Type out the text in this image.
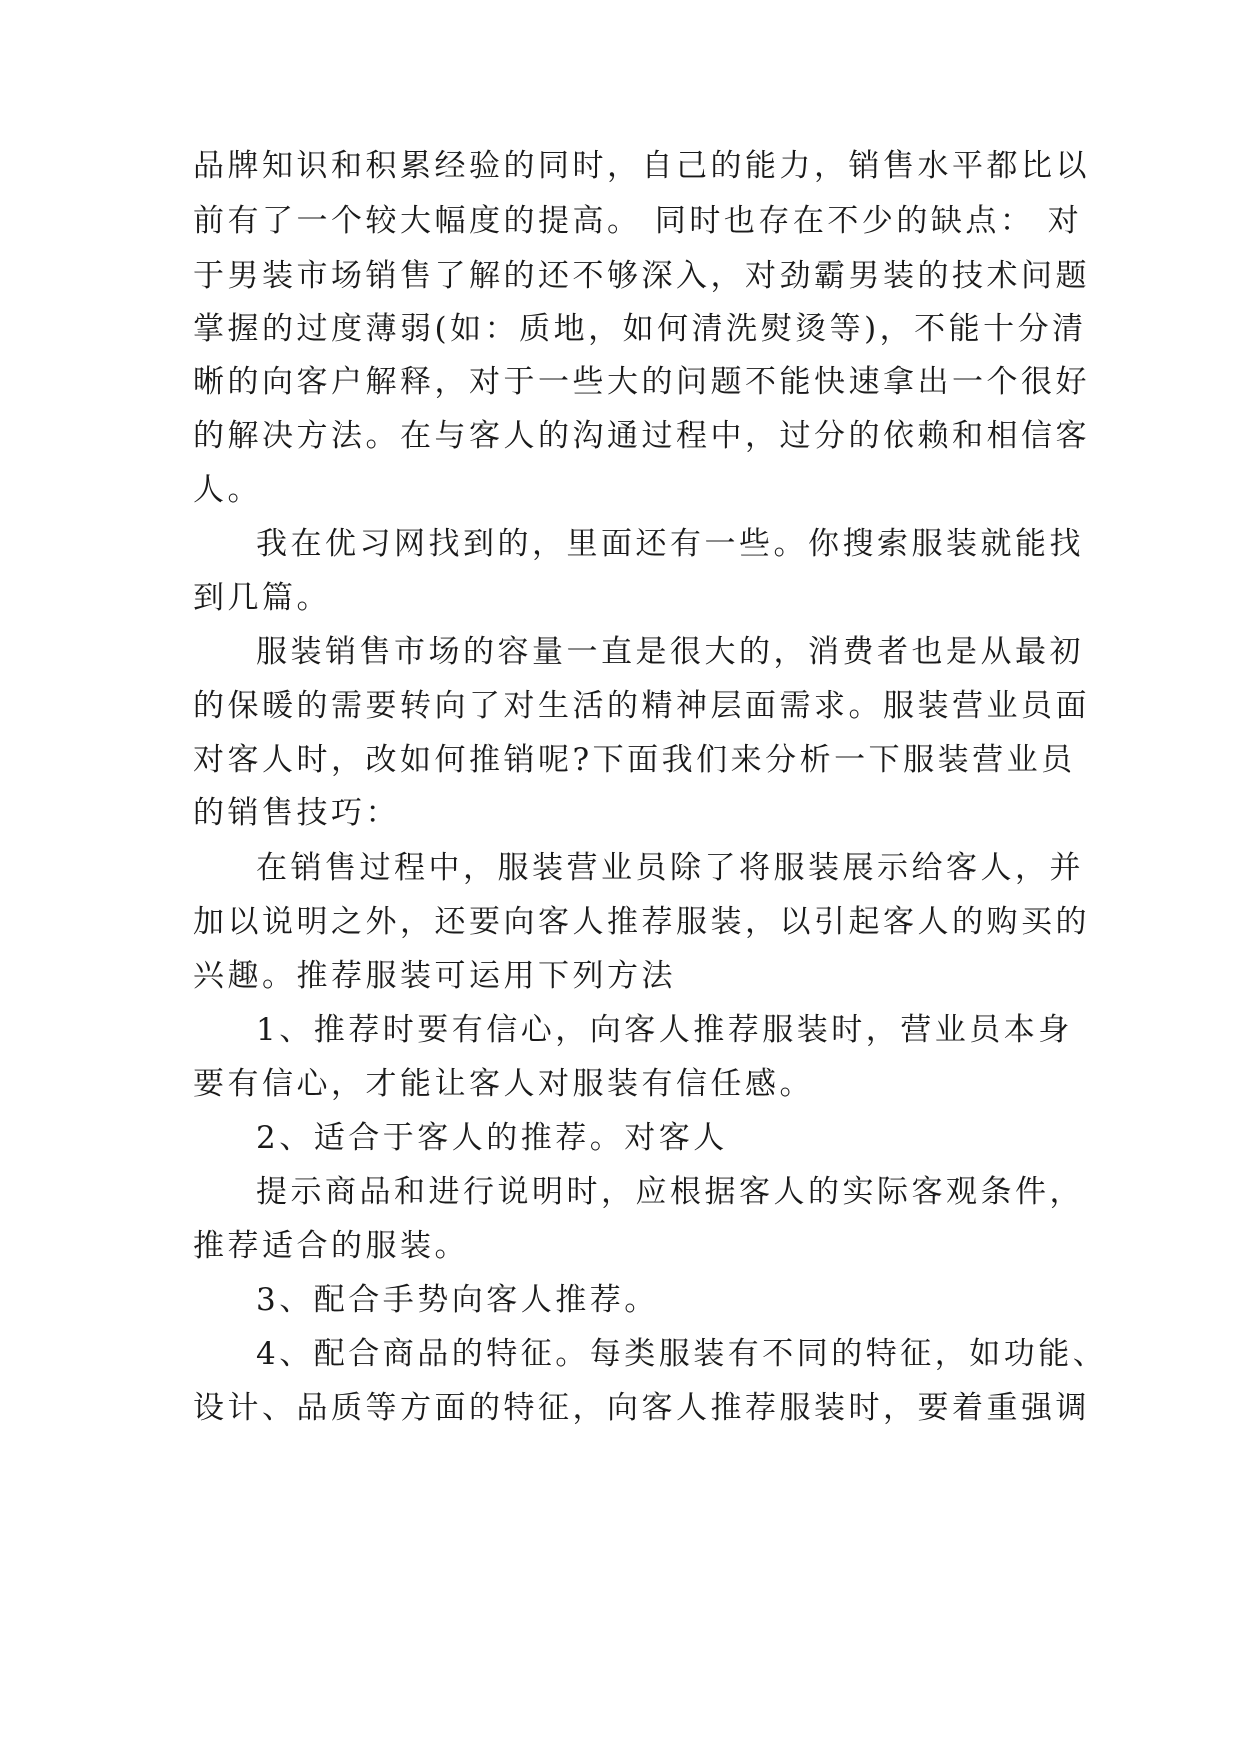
品牌知识和积累经验的同时，自己的能力，销售水平都比以
前有了一个较大幅度的提高。 同时也存在不少的缺点： 对
于男装市场销售了解的还不够深入，对劲霸男装的技术问题
掌握的过度薄弱(如：质地，如何清洗熨烫等)，不能十分清
晰的向客户解释，对于一些大的问题不能快速拿出一个很好
的解决方法。在与客人的沟通过程中，过分的依赖和相信客
人。
我在优习网找到的，里面还有一些。你搜索服装就能找
到几篇。
服装销售市场的容量一直是很大的，消费者也是从最初
的保暖的需要转向了对生活的精神层面需求。服装营业员面
对客人时，改如何推销呢?下面我们来分析一下服装营业员
的销售技巧：
在销售过程中，服装营业员除了将服装展示给客人，并
加以说明之外，还要向客人推荐服装，以引起客人的购买的
兴趣。推荐服装可运用下列方法
1、推荐时要有信心，向客人推荐服装时，营业员本身
要有信心，才能让客人对服装有信任感。
2、适合于客人的推荐。对客人
提示商品和进行说明时，应根据客人的实际客观条件，
推荐适合的服装。
3、配合手势向客人推荐。
4、配合商品的特征。每类服装有不同的特征，如功能、
设计、品质等方面的特征，向客人推荐服装时，要着重强调
